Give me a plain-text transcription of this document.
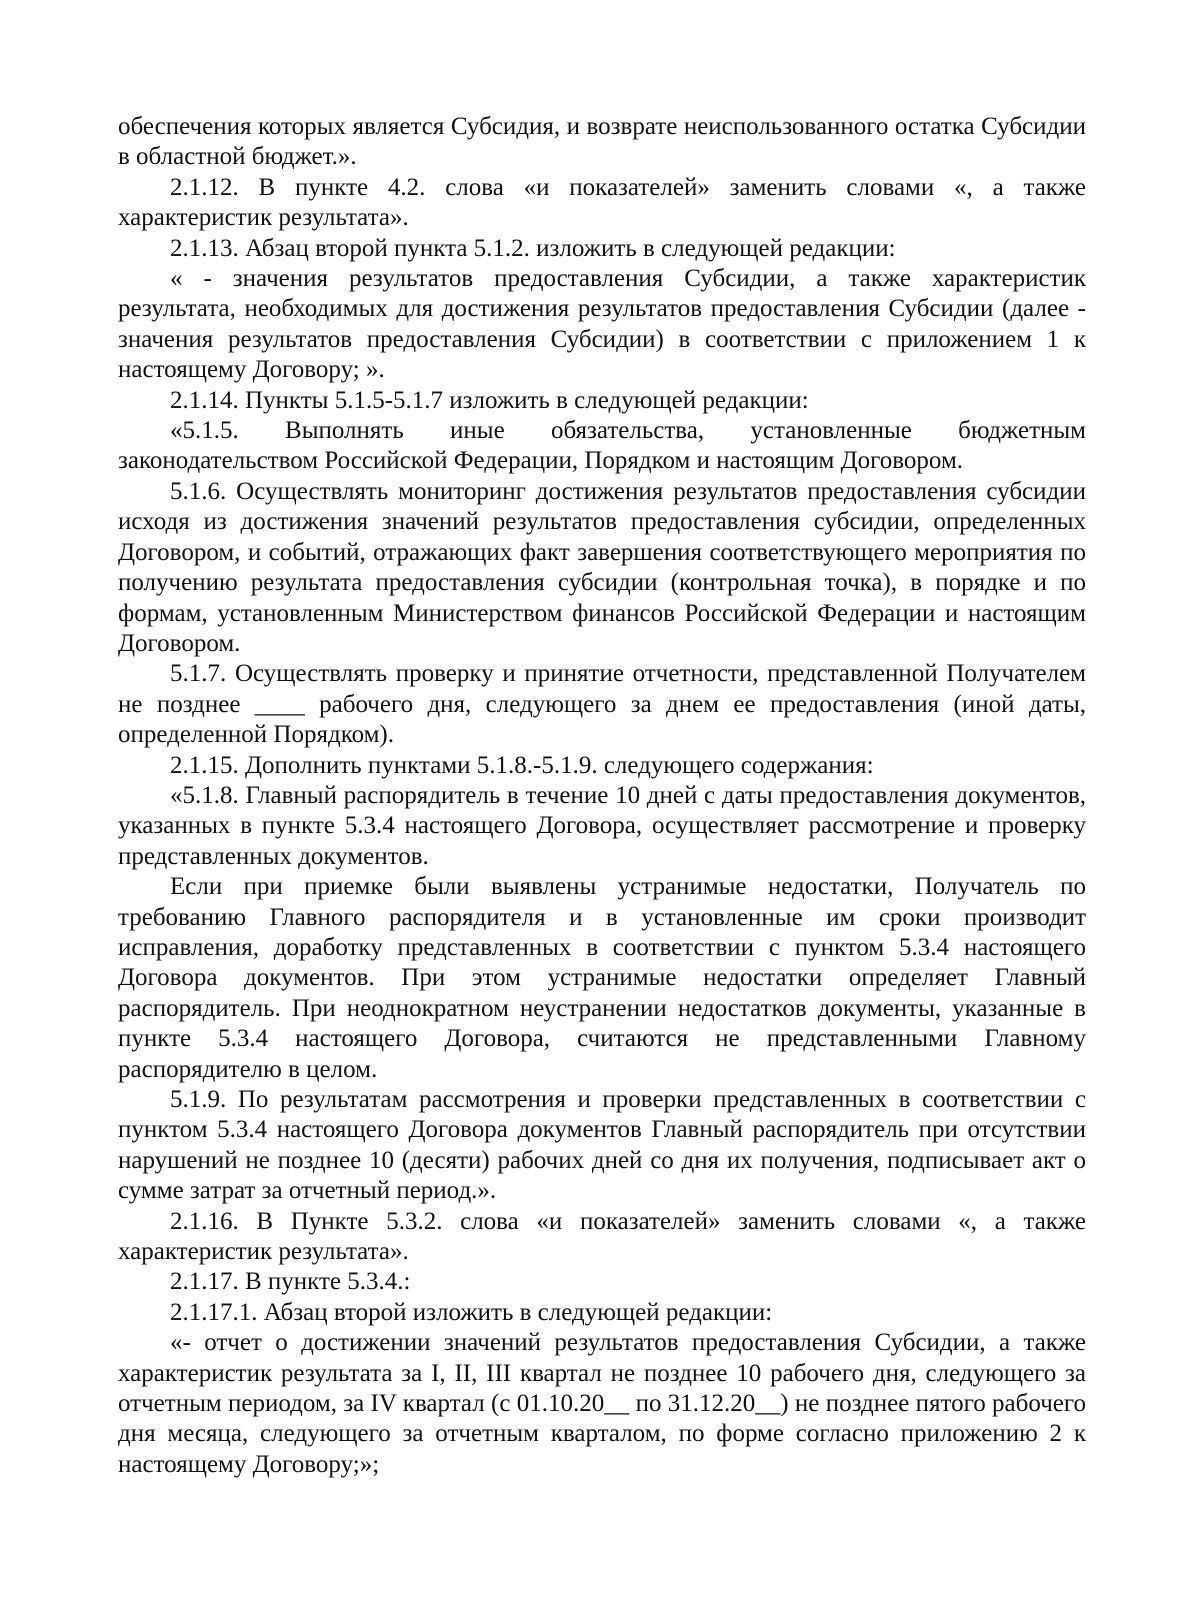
обеспечения которых является Субсидия, и возврате неиспользованного остатка Субсидии в областной бюджет.».

2.1.12. В пункте 4.2. слова «и показателей» заменить словами «, а также характеристик результата».

2.1.13. Абзац второй пункта 5.1.2. изложить в следующей редакции:

« - значения результатов предоставления Субсидии, а также характеристик результата, необходимых для достижения результатов предоставления Субсидии (далее - значения результатов предоставления Субсидии) в соответствии с приложением 1 к настоящему Договору; ».

2.1.14. Пункты 5.1.5-5.1.7 изложить в следующей редакции:

«5.1.5. Выполнять иные обязательства, установленные бюджетным законодательством Российской Федерации, Порядком и настоящим Договором.

5.1.6. Осуществлять мониторинг достижения результатов предоставления субсидии исходя из достижения значений результатов предоставления субсидии, определенных Договором, и событий, отражающих факт завершения соответствующего мероприятия по получению результата предоставления субсидии (контрольная точка), в порядке и по формам, установленным Министерством финансов Российской Федерации и настоящим Договором.

5.1.7. Осуществлять проверку и принятие отчетности, представленной Получателем не позднее ____ рабочего дня, следующего за днем ее предоставления (иной даты, определенной Порядком).

2.1.15. Дополнить пунктами 5.1.8.-5.1.9. следующего содержания:

«5.1.8. Главный распорядитель в течение 10 дней с даты предоставления документов, указанных в пункте 5.3.4 настоящего Договора, осуществляет рассмотрение и проверку представленных документов.

Если при приемке были выявлены устранимые недостатки, Получатель по требованию Главного распорядителя и в установленные им сроки производит исправления, доработку представленных в соответствии с пунктом 5.3.4 настоящего Договора документов. При этом устранимые недостатки определяет Главный распорядитель. При неоднократном неустранении недостатков документы, указанные в пункте 5.3.4 настоящего Договора, считаются не представленными Главному распорядителю в целом.

5.1.9. По результатам рассмотрения и проверки представленных в соответствии с пунктом 5.3.4 настоящего Договора документов Главный распорядитель при отсутствии нарушений не позднее 10 (десяти) рабочих дней со дня их получения, подписывает акт о сумме затрат за отчетный период.».

2.1.16. В Пункте 5.3.2. слова «и показателей» заменить словами «, а также характеристик результата».

2.1.17. В пункте 5.3.4.:

2.1.17.1. Абзац второй изложить в следующей редакции:

«- отчет о достижении значений результатов предоставления Субсидии, а также характеристик результата за I, II, III квартал не позднее 10 рабочего дня, следующего за отчетным периодом, за IV квартал (с 01.10.20__ по 31.12.20__) не позднее пятого рабочего дня месяца, следующего за отчетным кварталом, по форме согласно приложению 2 к настоящему Договору;»;
